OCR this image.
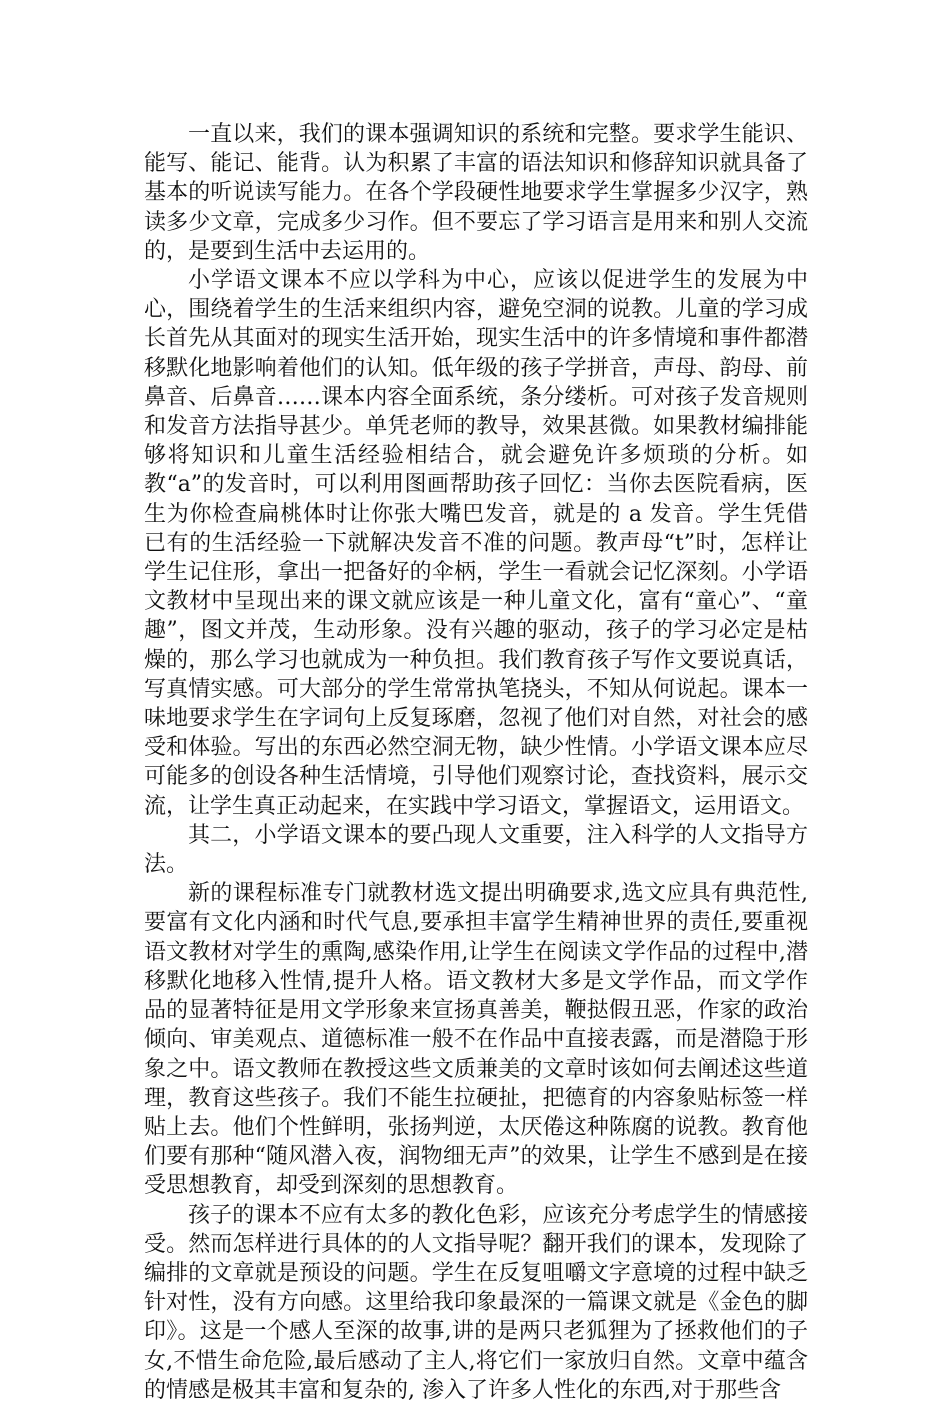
一直以来，我们的课本强调知识的系统和完整。要求学生能识、能写、能记、能背。认为积累了丰富的语法知识和修辞知识就具备了基本的听说读写能力。在各个学段硬性地要求学生掌握多少汉字，熟读多少文章，完成多少习作。但不要忘了学习语言是用来和别人交流的，是要到生活中去运用的。

小学语文课本不应以学科为中心，应该以促进学生的发展为中心，围绕着学生的生活来组织内容，避免空洞的说教。儿童的学习成长首先从其面对的现实生活开始，现实生活中的许多情境和事件都潜移默化地影响着他们的认知。低年级的孩子学拼音，声母、韵母、前鼻音、后鼻音……课本内容全面系统，条分缕析。可对孩子发音规则和发音方法指导甚少。单凭老师的教导，效果甚微。如果教材编排能够将知识和儿童生活经验相结合，就会避免许多烦琐的分析。如教“a”的发音时，可以利用图画帮助孩子回忆：当你去医院看病，医生为你检查扁桃体时让你张大嘴巴发音，就是的 a 发音。学生凭借已有的生活经验一下就解决发音不准的问题。教声母“t”时，怎样让学生记住形，拿出一把备好的伞柄，学生一看就会记忆深刻。小学语文教材中呈现出来的课文就应该是一种儿童文化，富有“童心”、“童趣”，图文并茂，生动形象。没有兴趣的驱动，孩子的学习必定是枯燥的，那么学习也就成为一种负担。我们教育孩子写作文要说真话，写真情实感。可大部分的学生常常执笔挠头，不知从何说起。课本一味地要求学生在字词句上反复琢磨，忽视了他们对自然，对社会的感受和体验。写出的东西必然空洞无物，缺少性情。小学语文课本应尽可能多的创设各种生活情境，引导他们观察讨论，查找资料，展示交流，让学生真正动起来，在实践中学习语文，掌握语文，运用语文。

其二，小学语文课本的要凸现人文重要，注入科学的人文指导方法。

新的课程标准专门就教材选文提出明确要求,选文应具有典范性,要富有文化内涵和时代气息,要承担丰富学生精神世界的责任,要重视语文教材对学生的熏陶,感染作用,让学生在阅读文学作品的过程中,潜移默化地移入性情,提升人格。语文教材大多是文学作品，而文学作品的显著特征是用文学形象来宣扬真善美，鞭挞假丑恶，作家的政治倾向、审美观点、道德标准一般不在作品中直接表露，而是潜隐于形象之中。语文教师在教授这些文质兼美的文章时该如何去阐述这些道理，教育这些孩子。我们不能生拉硬扯，把德育的内容象贴标签一样贴上去。他们个性鲜明，张扬判逆，太厌倦这种陈腐的说教。教育他们要有那种“随风潜入夜，润物细无声”的效果，让学生不感到是在接受思想教育，却受到深刻的思想教育。

孩子的课本不应有太多的教化色彩，应该充分考虑学生的情感接受。然而怎样进行具体的的人文指导呢？翻开我们的课本，发现除了编排的文章就是预设的问题。学生在反复咀嚼文字意境的过程中缺乏针对性，没有方向感。这里给我印象最深的一篇课文就是《金色的脚印》。这是一个感人至深的故事,讲的是两只老狐狸为了拯救他们的子女,不惜生命危险,最后感动了主人,将它们一家放归自然。文章中蕴含的情感是极其丰富和复杂的, 渗入了许多人性化的东西,对于那些含
